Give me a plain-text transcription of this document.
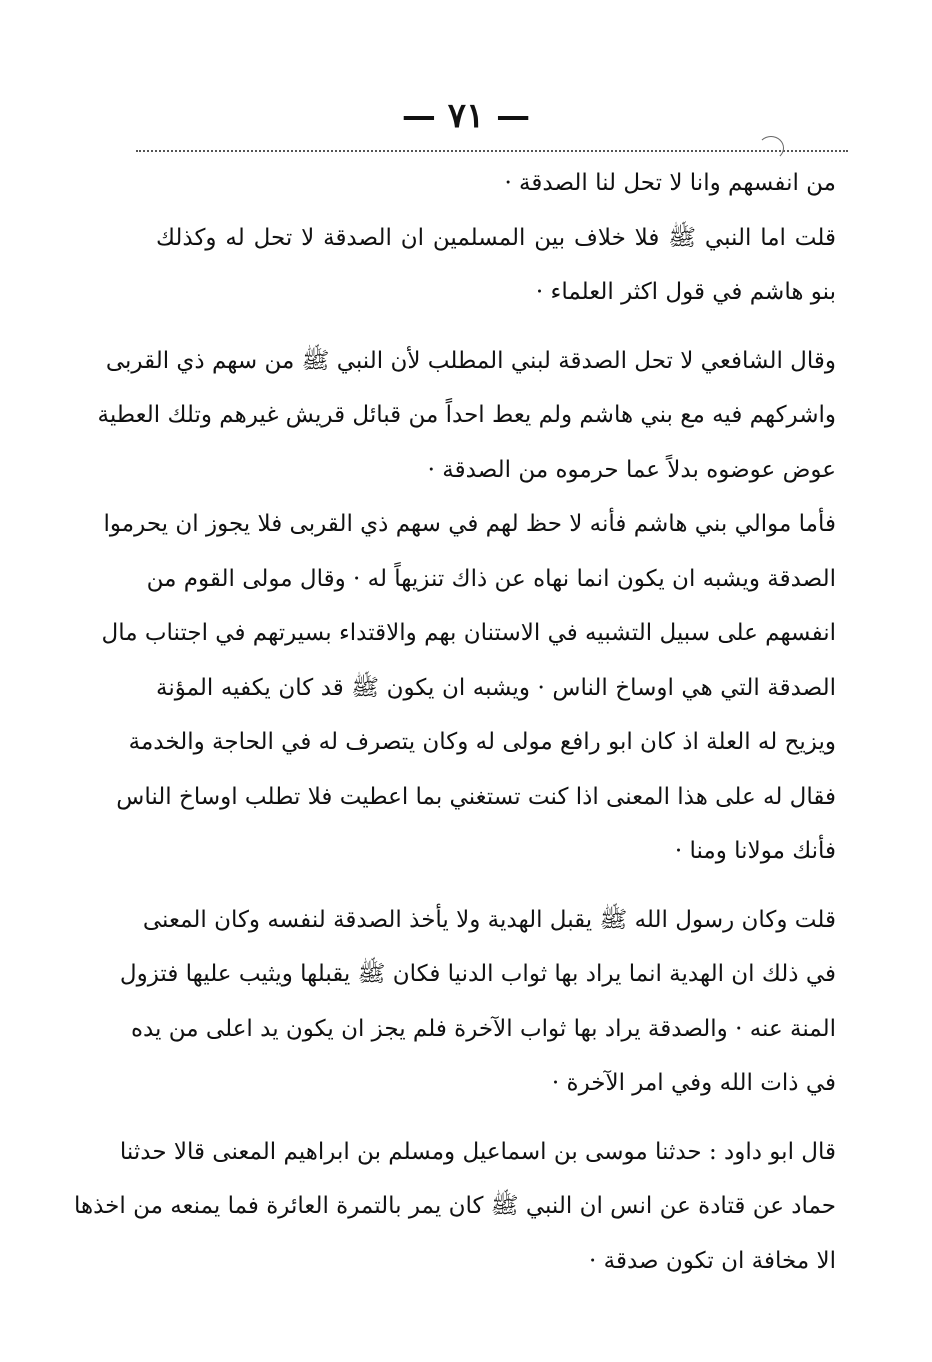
— ٧١ —
من انفسهم وانا لا تحل لنا الصدقة ·
قلت اما النبي ﷺ فلا خلاف بين المسلمين ان الصدقة لا تحل له وكذلك
بنو هاشم في قول اكثر العلماء ·
وقال الشافعي لا تحل الصدقة لبني المطلب لأن النبي ﷺ من سهم ذي القربى
واشركهم فيه مع بني هاشم ولم يعط احداً من قبائل قريش غيرهم وتلك العطية
عوض عوضوه بدلاً عما حرموه من الصدقة ·
فأما موالي بني هاشم فأنه لا حظ لهم في سهم ذي القربى فلا يجوز ان يحرموا
الصدقة ويشبه ان يكون انما نهاه عن ذاك تنزيهاً له · وقال مولى القوم من
انفسهم على سبيل التشبيه في الاستنان بهم والاقتداء بسيرتهم في اجتناب مال
الصدقة التي هي اوساخ الناس · ويشبه ان يكون ﷺ قد كان يكفيه المؤنة
ويزيح له العلة اذ كان ابو رافع مولى له وكان يتصرف له في الحاجة والخدمة
فقال له على هذا المعنى اذا كنت تستغني بما اعطيت فلا تطلب اوساخ الناس
فأنك مولانا ومنا ·
قلت وكان رسول الله ﷺ يقبل الهدية ولا يأخذ الصدقة لنفسه وكان المعنى
في ذلك ان الهدية انما يراد بها ثواب الدنيا فكان ﷺ يقبلها ويثيب عليها فتزول
المنة عنه · والصدقة يراد بها ثواب الآخرة فلم يجز ان يكون يد اعلى من يده
في ذات الله وفي امر الآخرة ·
قال ابو داود : حدثنا موسى بن اسماعيل ومسلم بن ابراهيم المعنى قالا حدثنا
حماد عن قتادة عن انس ان النبي ﷺ كان يمر بالتمرة العائرة فما يمنعه من اخذها
الا مخافة ان تكون صدقة ·
